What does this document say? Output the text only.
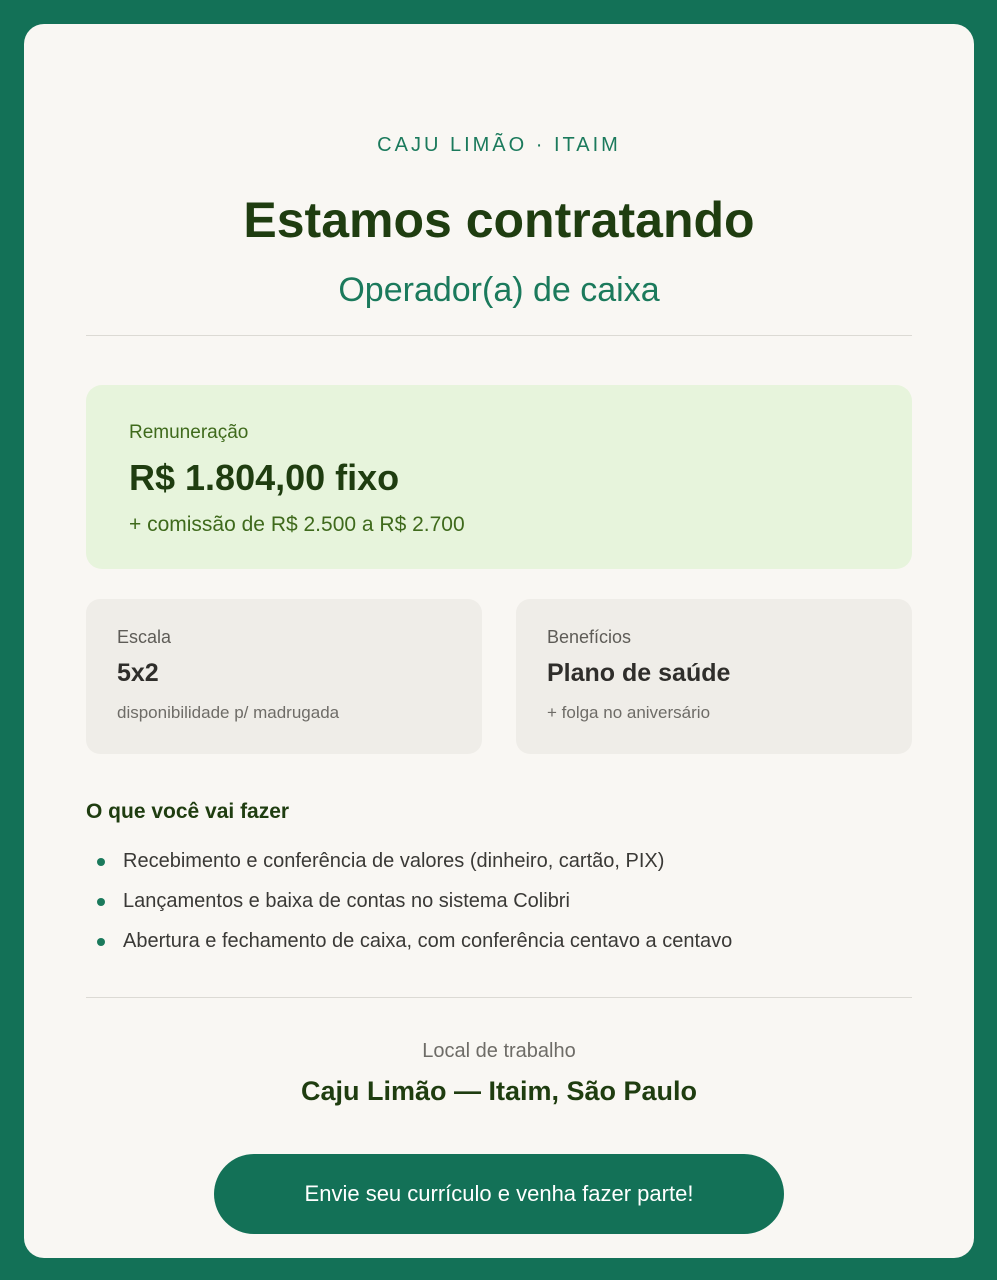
CAJU LIMÃO · ITAIM
Estamos contratando
Operador(a) de caixa
Remuneração
R$ 1.804,00 fixo
+ comissão de R$ 2.500 a R$ 2.700
Escala
5x2
disponibilidade p/ madrugada
Benefícios
Plano de saúde
+ folga no aniversário
O que você vai fazer
Recebimento e conferência de valores (dinheiro, cartão, PIX)
Lançamentos e baixa de contas no sistema Colibri
Abertura e fechamento de caixa, com conferência centavo a centavo
Local de trabalho
Caju Limão — Itaim, São Paulo
Envie seu currículo e venha fazer parte!
